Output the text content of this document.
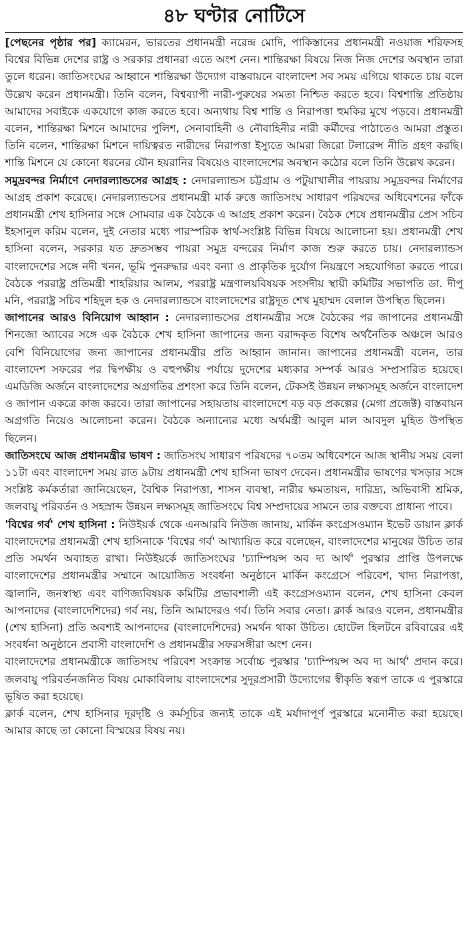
৪৮ ঘণ্টার নোটিসে

[পেছনের পৃষ্ঠার পর] ক্যামেরন, ভারতের প্রধানমন্ত্রী নরেন্দ্র মোদি, পাকিস্তানের প্রধানমন্ত্রী নওয়াজ শরিফসহ বিশ্বের বিভিন্ন দেশের রাষ্ট্র ও সরকার প্রধানরা এতে অংশ নেন। শান্তিরক্ষা বিষয়ে নিজ নিজ দেশের অবস্থান তারা তুলে ধরেন। জাতিসংঘের আহ্বানে শান্তিরক্ষা উদ্যোগ বাস্তবায়নে বাংলাদেশ সব সময় এগিয়ে থাকতে চায় বলে উল্লেখ করেন প্রধানমন্ত্রী। তিনি বলেন, বিশ্বব্যাপী নারী-পুরুষের সমতা নিশ্চিত করতে হবে। বিশ্বশান্তি প্রতিষ্ঠায় আমাদের সবাইকে একযোগে কাজ করতে হবে। অন্যথায় বিশ্ব শান্তি ও নিরাপত্তা হুমকির মুখে পড়বে। প্রধানমন্ত্রী বলেন, শান্তিরক্ষা মিশনে আমাদের পুলিশ, সেনাবাহিনী ও নৌবাহিনীর নারী কর্মীদের পাঠাতেও আমরা প্রস্তুত। তিনি বলেন, শান্তিরক্ষা মিশনে দায়িত্বরত নারীদের নিরাপত্তা ইস্যুতে আমরা জিরো টলারেন্স নীতি গ্রহণ করছি। শান্তি মিশনে যে কোনো ধরনের যৌন হয়রানির বিষয়েও বাংলাদেশের অবস্থান কঠোর বলে তিনি উল্লেখ করেন।

সমুদ্রবন্দর নির্মাণে নেদারল্যান্ডসের আগ্রহ : নেদারল্যান্ডস চট্টগ্রাম ও পটুয়াখালীর পায়রায় সমুদ্রবন্দর নির্মাণের আগ্রহ প্রকাশ করেছে। নেদারল্যান্ডসের প্রধানমন্ত্রী মার্ক রুত্তে জাতিসংঘ সাধারণ পরিষদের অধিবেশনের ফাঁকে প্রধানমন্ত্রী শেখ হাসিনার সঙ্গে সোমবার এক বৈঠকে এ আগ্রহ প্রকাশ করেন। বৈঠক শেষে প্রধানমন্ত্রীর প্রেস সচিব ইহসানুল করিম বলেন, দুই নেতার মধ্যে পারস্পরিক স্বার্থ-সংশ্লিষ্ট বিভিন্ন বিষয়ে আলোচনা হয়। প্রধানমন্ত্রী শেখ হাসিনা বলেন, সরকার যত দ্রুতসম্ভব পায়রা সমুদ্র বন্দরের নির্মাণ কাজ শুরু করতে চায়। নেদারল্যান্ডস বাংলাদেশের সঙ্গে নদী খনন, ভূমি পুনরুদ্ধার এবং বন্যা ও প্রাকৃতিক দুর্যোগ নিয়ন্ত্রণে সহযোগিতা করতে পারে। বৈঠকে পররাষ্ট্র প্রতিমন্ত্রী শাহরিয়ার আলম, পররাষ্ট্র মন্ত্রণালয়বিষয়ক সংসদীয় স্থায়ী কমিটির সভাপতি ডা. দীপু মনি, পররাষ্ট্র সচিব শহিদুল হক ও নেদারল্যান্ডসে বাংলাদেশের রাষ্ট্রদূত শেখ মুহাম্মদ বেলাল উপস্থিত ছিলেন।

জাপানের আরও বিনিয়োগ আহ্বান : নেদারল্যান্ডসের প্রধানমন্ত্রীর সঙ্গে বৈঠকের পর জাপানের প্রধানমন্ত্রী শিনজো অ্যাবের সঙ্গে এক বৈঠকে শেখ হাসিনা জাপানের জন্য বরাদ্দকৃত বিশেষ অর্থনৈতিক অঞ্চলে আরও বেশি বিনিয়োগের জন্য জাপানের প্রধানমন্ত্রীর প্রতি আহ্বান জানান। জাপানের প্রধানমন্ত্রী বলেন, তার বাংলাদেশ সফরের পর দ্বিপক্ষীয় ও বহুপক্ষীয় পর্যায়ে দুদেশের মধ্যকার সম্পর্ক আরও সম্প্রসারিত হয়েছে। এমডিজি অর্জনে বাংলাদেশের অগ্রগতির প্রশংসা করে তিনি বলেন, টেকসই উন্নয়ন লক্ষ্যসমূহ অর্জনে বাংলাদেশ ও জাপান একত্রে কাজ করবে। তারা জাপানের সহায়তায় বাংলাদেশে বড় বড় প্রকল্পের (মেগা প্রজেক্ট) বাস্তবায়ন অগ্রগতি নিয়েও আলোচনা করেন। বৈঠকে অন্যান্যের মধ্যে অর্থমন্ত্রী আবুল মাল আবদুল মুহিত উপস্থিত ছিলেন।

জাতিসংঘে আজ প্রধানমন্ত্রীর ভাষণ : জাতিসংঘ সাধারণ পরিষদের ৭০তম অধিবেশনে আজ স্থানীয় সময় বেলা ১১টা এবং বাংলাদেশ সময় রাত ৯টায় প্রধানমন্ত্রী শেখ হাসিনা ভাষণ দেবেন। প্রধানমন্ত্রীর ভাষণের খসড়ার সঙ্গে সংশ্লিষ্ট কর্মকর্তারা জানিয়েছেন, বৈশ্বিক নিরাপত্তা, শাসন ব্যবস্থা, নারীর ক্ষমতায়ন, দারিদ্র্য, অভিবাসী শ্রমিক, জলবায়ু পরিবর্তন ও সহস্রাব্দ উন্নয়ন লক্ষ্যসমূহ জাতিসংঘে বিশ্ব সম্প্রদায়ের সামনে তার বক্তব্যে প্রাধান্য পাবে।

'বিশ্বের গর্ব' শেখ হাসিনা : নিউইয়র্ক থেকে এনআরবি নিউজ জানায়, মার্কিন কংগ্রেসওম্যান ইভেট ডায়ান ক্লার্ক বাংলাদেশের প্রধানমন্ত্রী শেখ হাসিনাকে 'বিশ্বের গর্ব' আখ্যায়িত করে বলেছেন, বাংলাদেশের মানুষের উচিত তার প্রতি সমর্থন অব্যাহত রাখা। নিউইয়র্কে জাতিসংঘের 'চ্যাম্পিয়ন্স অব দ্য আর্থ' পুরস্কার প্রাপ্তি উপলক্ষে বাংলাদেশের প্রধানমন্ত্রীর সম্মানে আয়োজিত সংবর্ধনা অনুষ্ঠানে মার্কিন কংগ্রেসে পরিবেশ, খাদ্য নিরাপত্তা, জ্বালানি, জনস্বাস্থ্য এবং বাণিজ্যবিষয়ক কমিটির প্রভাবশালী এই কংগ্রেসওম্যান বলেন, শেখ হাসিনা কেবল আপনাদের (বাংলাদেশিদের) গর্ব নয়, তিনি আমাদেরও গর্ব। তিনি সবার নেতা। ক্লার্ক আরও বলেন, প্রধানমন্ত্রীর (শেখ হাসিনা) প্রতি অবশ্যই আপনাদের (বাংলাদেশিদের) সমর্থন থাকা উচিত। হোটেল হিলটনে রবিবারের এই সংবর্ধনা অনুষ্ঠানে প্রবাসী বাংলাদেশি ও প্রধানমন্ত্রীর সফরসঙ্গীরা অংশ নেন।

বাংলাদেশের প্রধানমন্ত্রীকে জাতিসংঘ পরিবেশ সংক্রান্ত সর্বোচ্চ পুরস্কার 'চ্যাম্পিয়ন্স অব দ্য আর্থ' প্রদান করে। জলবায়ু পরিবর্তনজনিত বিষয় মোকাবিলায় বাংলাদেশের সুদূরপ্রসারী উদ্যোগের স্বীকৃতি স্বরূপ তাকে এ পুরস্কারে ভূষিত করা হয়েছে।

ক্লার্ক বলেন, শেখ হাসিনার দূরদৃষ্টি ও কর্মসূচির জন্যই তাকে এই মর্যাদাপূর্ণ পুরস্কারে মনোনীত করা হয়েছে। আমার কাছে তা কোনো বিস্ময়ের বিষয় নয়।
